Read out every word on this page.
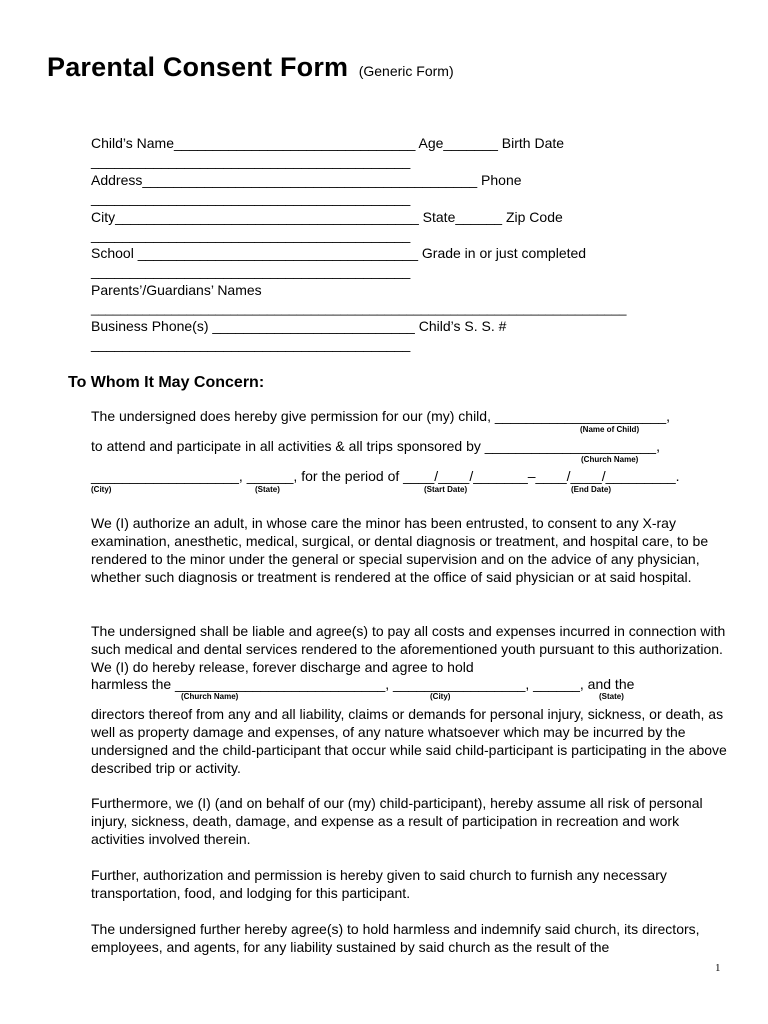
Parental Consent Form (Generic Form)
Child’s Name_______________________________ Age_______ Birth Date
_________________________________________
Address___________________________________________ Phone
_________________________________________
City_______________________________________ State______ Zip Code
_________________________________________
School ____________________________________ Grade in or just completed
_________________________________________
Parents’/Guardians’ Names
_________________________________________________________________________
Business Phone(s) __________________________ Child’s S. S. #
_________________________________________
To Whom It May Concern:
The undersigned does hereby give permission for our (my) child, ______________________,
(Name of Child)
to attend and participate in all activities & all trips sponsored by ______________________,
(Church Name)
___________________, ______, for the period of ____/____/_______–____/____/_________.
(City)	(State)	(Start Date)	(End Date)

We (I) authorize an adult, in whose care the minor has been entrusted, to consent to any X-ray examination, anesthetic, medical, surgical, or dental diagnosis or treatment, and hospital care, to be rendered to the minor under the general or special supervision and on the advice of any physician, whether such diagnosis or treatment is rendered at the office of said physician or at said hospital.

The undersigned shall be liable and agree(s) to pay all costs and expenses incurred in connection with such medical and dental services rendered to the aforementioned youth pursuant to this authorization. We (I) do hereby release, forever discharge and agree to hold

harmless the ___________________________, _________________, ______, and the
(Church Name)	(City)	(State)

directors thereof from any and all liability, claims or demands for personal injury, sickness, or death, as well as property damage and expenses, of any nature whatsoever which may be incurred by the undersigned and the child-participant that occur while said child-participant is participating in the above described trip or activity.

Furthermore, we (I) (and on behalf of our (my) child-participant), hereby assume all risk of personal injury, sickness, death, damage, and expense as a result of participation in recreation and work activities involved therein.

Further, authorization and permission is hereby given to said church to furnish any necessary transportation, food, and lodging for this participant.

The undersigned further hereby agree(s) to hold harmless and indemnify said church, its directors, employees, and agents, for any liability sustained by said church as the result of the

1
